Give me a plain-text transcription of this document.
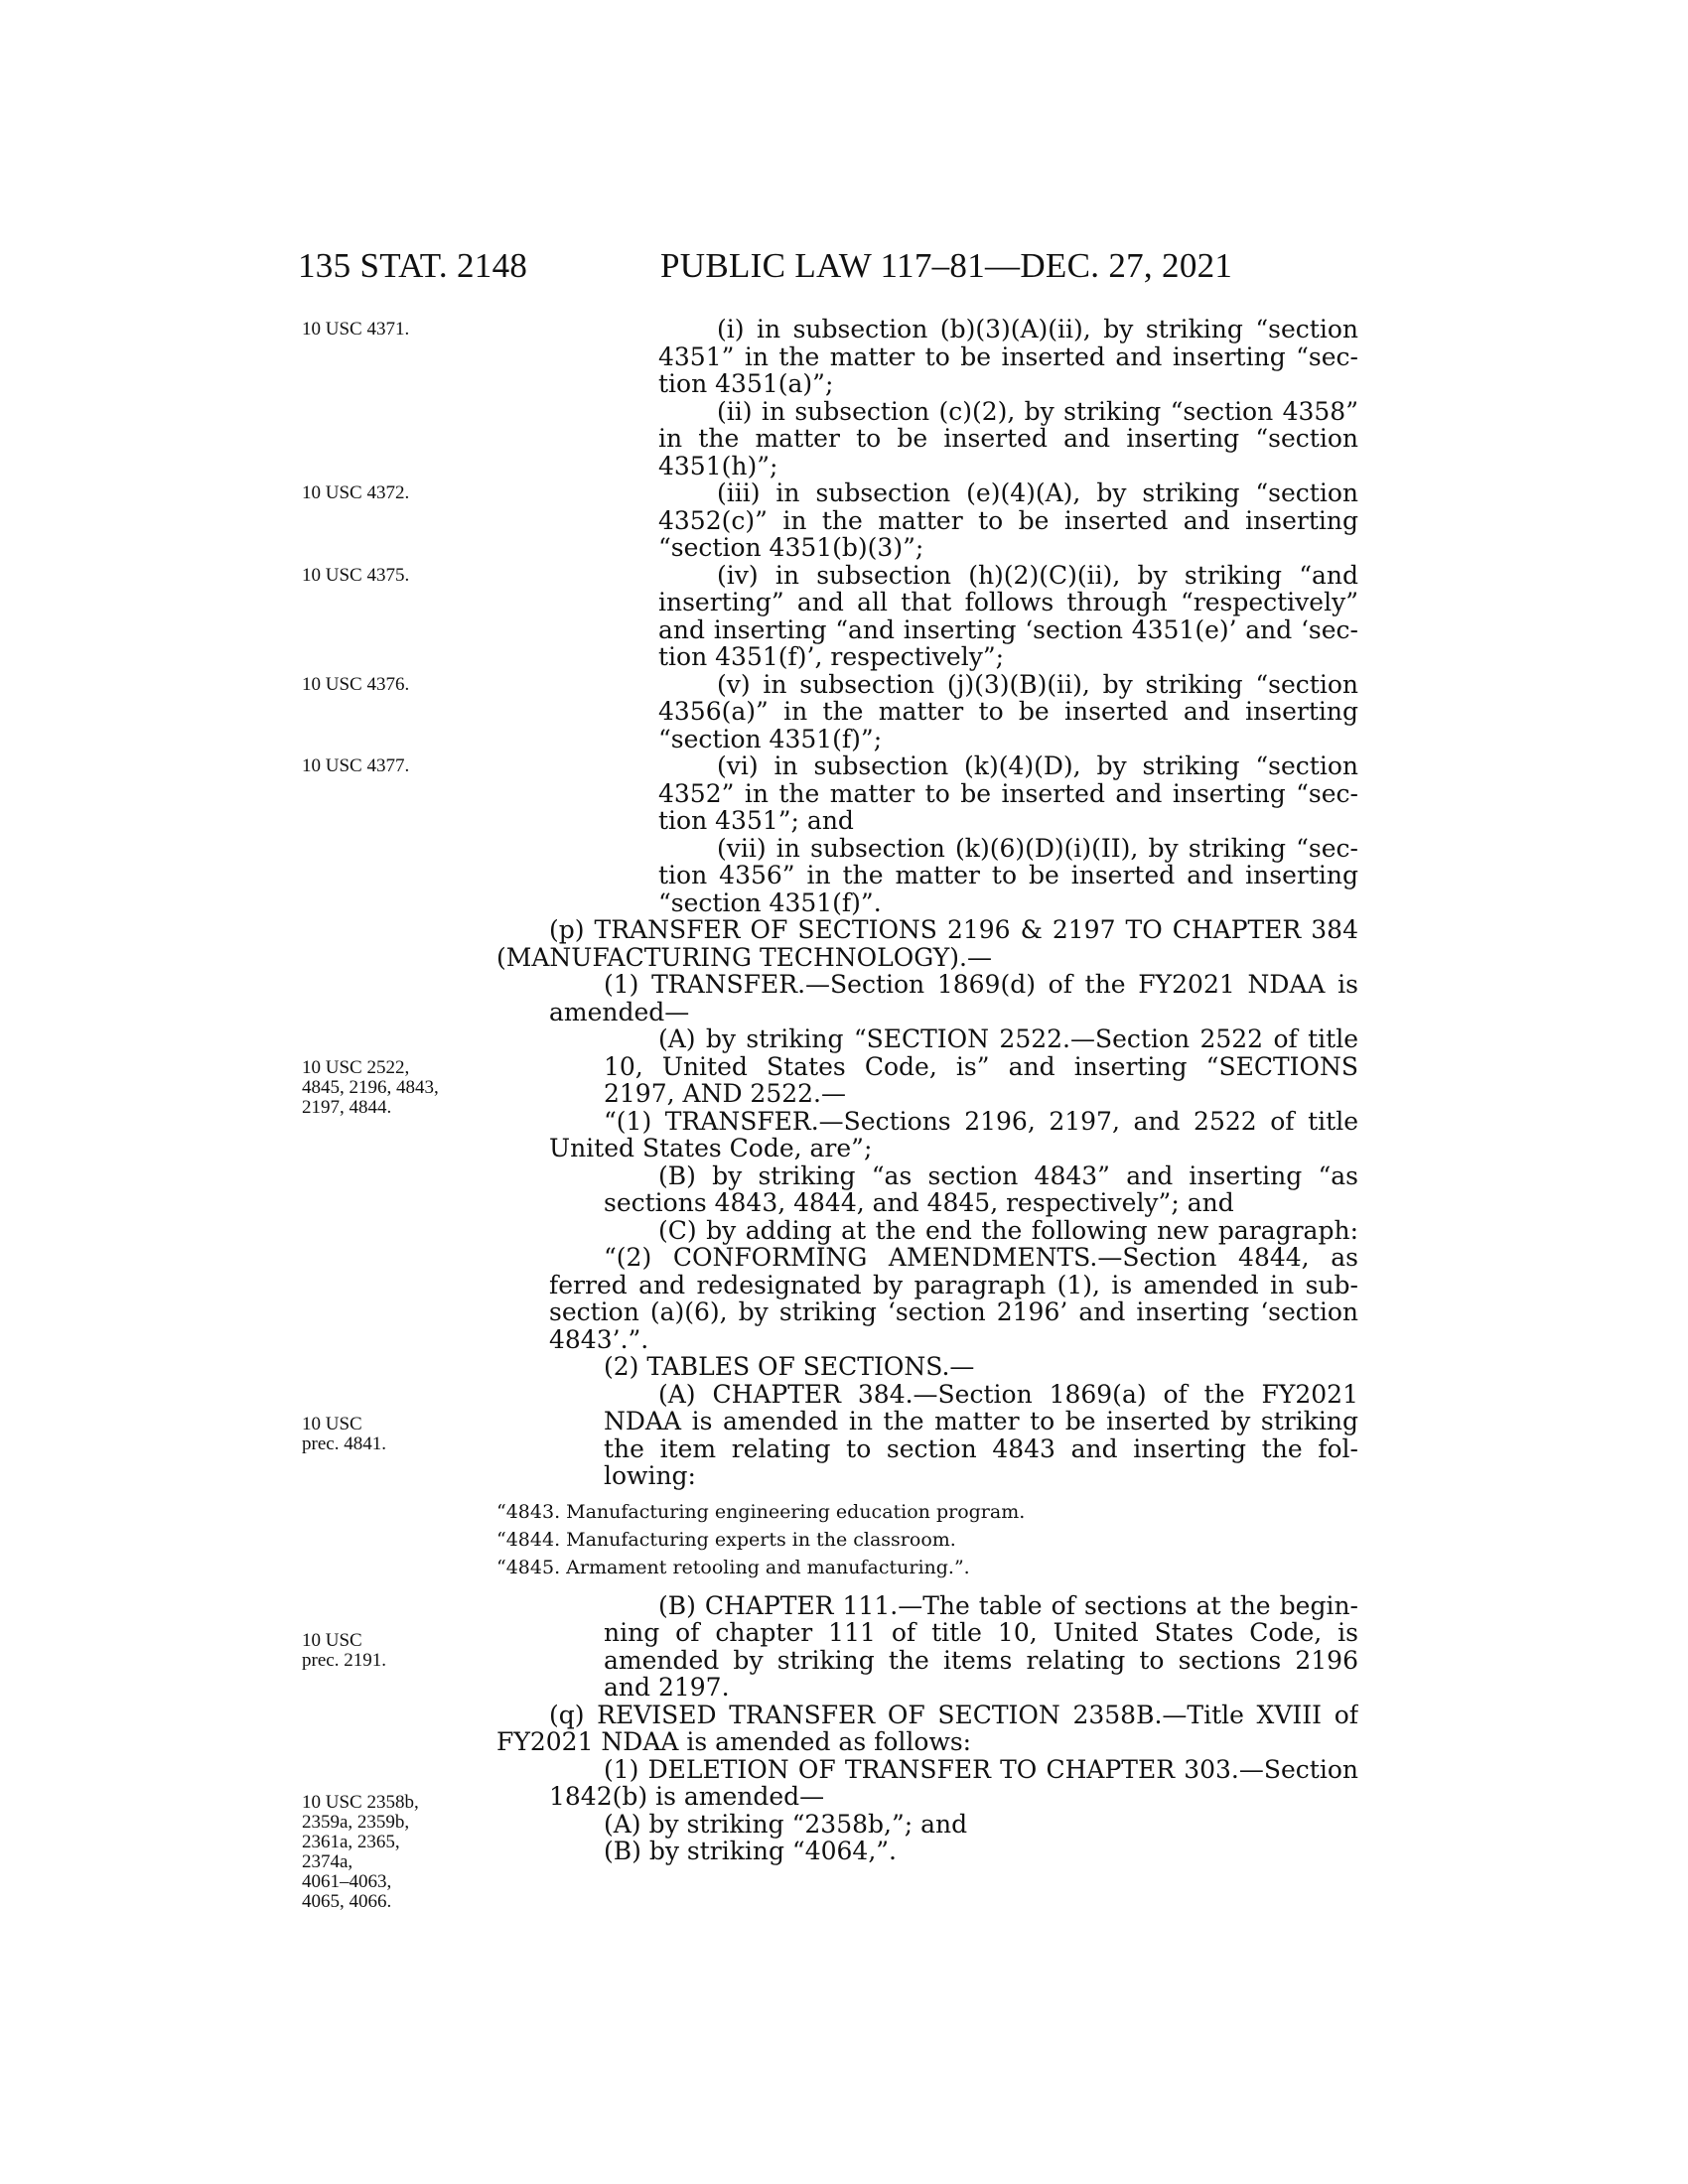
135 STAT. 2148	PUBLIC LAW 117–81—DEC. 27, 2021
10 USC 4371.
10 USC 4372.
10 USC 4375.
10 USC 4376.
10 USC 4377.
10 USC 2522,
4845, 2196, 4843,
2197, 4844.
10 USC
prec. 4841.
10 USC
prec. 2191.
10 USC 2358b,
2359a, 2359b,
2361a, 2365,
2374a,
4061–4063,
4065, 4066.
(i) in subsection (b)(3)(A)(ii), by striking “section
4351” in the matter to be inserted and inserting “sec-
tion 4351(a)”;
(ii) in subsection (c)(2), by striking “section 4358”
in the matter to be inserted and inserting “section
4351(h)”;
(iii) in subsection (e)(4)(A), by striking “section
4352(c)” in the matter to be inserted and inserting
“section 4351(b)(3)”;
(iv) in subsection (h)(2)(C)(ii), by striking “and
inserting” and all that follows through “respectively”
and inserting “and inserting ‘section 4351(e)’ and ‘sec-
tion 4351(f)’, respectively”;
(v) in subsection (j)(3)(B)(ii), by striking “section
4356(a)” in the matter to be inserted and inserting
“section 4351(f)”;
(vi) in subsection (k)(4)(D), by striking “section
4352” in the matter to be inserted and inserting “sec-
tion 4351”; and
(vii) in subsection (k)(6)(D)(i)(II), by striking “sec-
tion 4356” in the matter to be inserted and inserting
“section 4351(f)”.
(p) TRANSFER OF SECTIONS 2196 & 2197 TO CHAPTER 384
(MANUFACTURING TECHNOLOGY).—
(1) TRANSFER.—Section 1869(d) of the FY2021 NDAA is
amended—
(A) by striking “SECTION 2522.—Section 2522 of title
10, United States Code, is” and inserting “SECTIONS
2197, AND 2522.—
“(1) TRANSFER.—Sections 2196, 2197, and 2522 of title
United States Code, are”;
(B) by striking “as section 4843” and inserting “as
sections 4843, 4844, and 4845, respectively”; and
(C) by adding at the end the following new paragraph:
“(2) CONFORMING AMENDMENTS.—Section 4844, as
ferred and redesignated by paragraph (1), is amended in sub-
section (a)(6), by striking ‘section 2196’ and inserting ‘section
4843’.”.
(2) TABLES OF SECTIONS.—
(A) CHAPTER 384.—Section 1869(a) of the FY2021
NDAA is amended in the matter to be inserted by striking
the item relating to section 4843 and inserting the fol-
lowing:
“4843. Manufacturing engineering education program.
“4844. Manufacturing experts in the classroom.
“4845. Armament retooling and manufacturing.”.
(B) CHAPTER 111.—The table of sections at the begin-
ning of chapter 111 of title 10, United States Code, is
amended by striking the items relating to sections 2196
and 2197.
(q) REVISED TRANSFER OF SECTION 2358B.—Title XVIII of
FY2021 NDAA is amended as follows:
(1) DELETION OF TRANSFER TO CHAPTER 303.—Section
1842(b) is amended—
(A) by striking “2358b,”; and
(B) by striking “4064,”.
